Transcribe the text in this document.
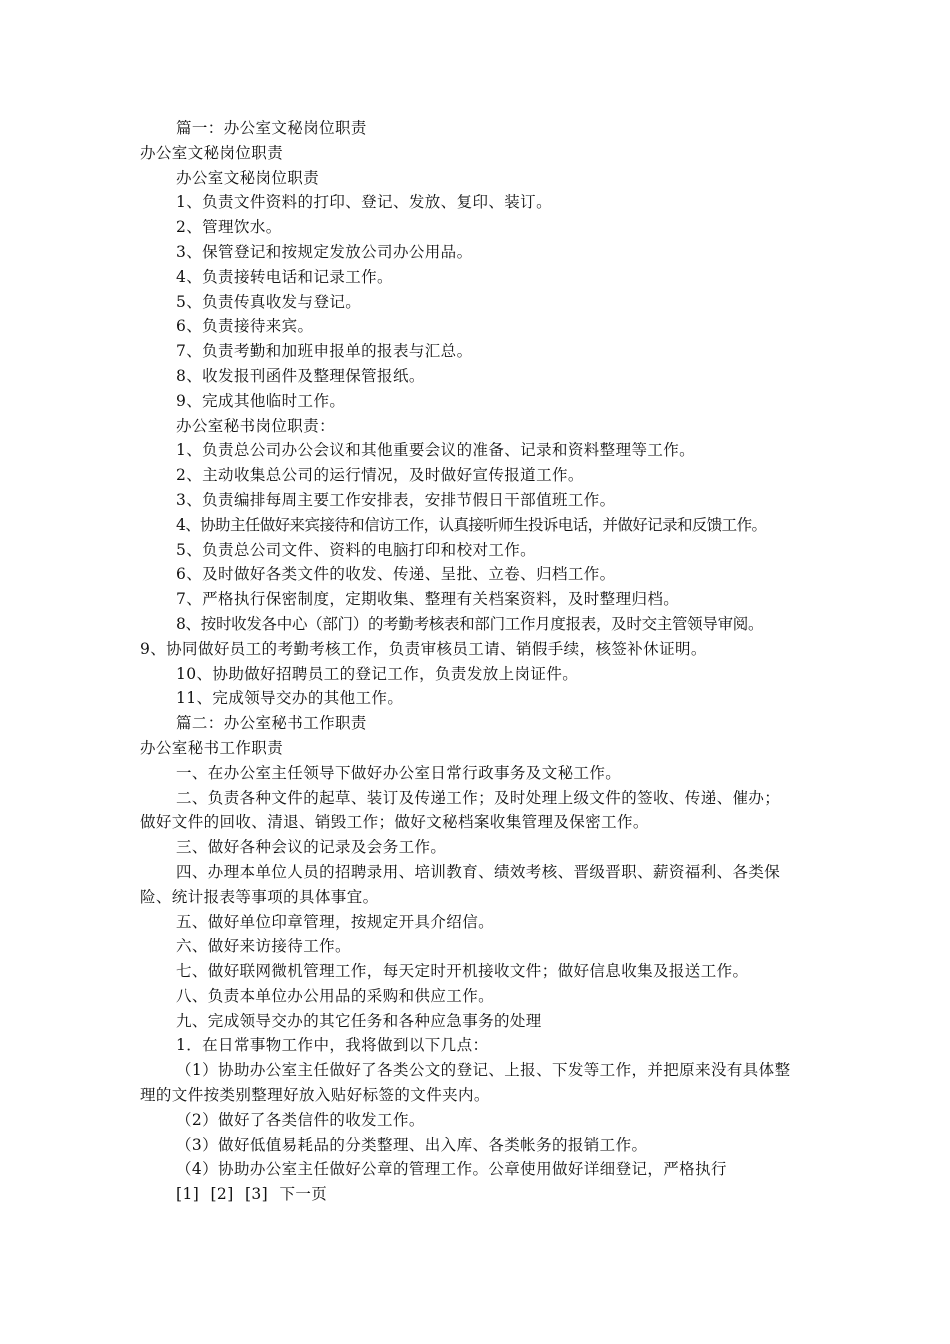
篇一：办公室文秘岗位职责
办公室文秘岗位职责
办公室文秘岗位职责
1、负责文件资料的打印、登记、发放、复印、装订。
2、管理饮水。
3、保管登记和按规定发放公司办公用品。
4、负责接转电话和记录工作。
5、负责传真收发与登记。
6、负责接待来宾。
7、负责考勤和加班申报单的报表与汇总。
8、收发报刊函件及整理保管报纸。
9、完成其他临时工作。
办公室秘书岗位职责：
1、负责总公司办公会议和其他重要会议的准备、记录和资料整理等工作。
2、主动收集总公司的运行情况，及时做好宣传报道工作。
3、负责编排每周主要工作安排表，安排节假日干部值班工作。
4、协助主任做好来宾接待和信访工作，认真接听师生投诉电话，并做好记录和反馈工作。
5、负责总公司文件、资料的电脑打印和校对工作。
6、及时做好各类文件的收发、传递、呈批、立卷、归档工作。
7、严格执行保密制度，定期收集、整理有关档案资料，及时整理归档。
8、按时收发各中心（部门）的考勤考核表和部门工作月度报表，及时交主管领导审阅。
9、协同做好员工的考勤考核工作，负责审核员工请、销假手续，核签补休证明。
10、协助做好招聘员工的登记工作，负责发放上岗证件。
11、完成领导交办的其他工作。
篇二：办公室秘书工作职责
办公室秘书工作职责
一、在办公室主任领导下做好办公室日常行政事务及文秘工作。
二、负责各种文件的起草、装订及传递工作；及时处理上级文件的签收、传递、催办；
做好文件的回收、清退、销毁工作；做好文秘档案收集管理及保密工作。
三、做好各种会议的记录及会务工作。
四、办理本单位人员的招聘录用、培训教育、绩效考核、晋级晋职、薪资福利、各类保
险、统计报表等事项的具体事宜。
五、做好单位印章管理，按规定开具介绍信。
六、做好来访接待工作。
七、做好联网微机管理工作，每天定时开机接收文件；做好信息收集及报送工作。
八、负责本单位办公用品的采购和供应工作。
九、完成领导交办的其它任务和各种应急事务的处理
1．在日常事物工作中，我将做到以下几点：
（1）协助办公室主任做好了各类公文的登记、上报、下发等工作，并把原来没有具体整
理的文件按类别整理好放入贴好标签的文件夹内。
（2）做好了各类信件的收发工作。
（3）做好低值易耗品的分类整理、出入库、各类帐务的报销工作。
（4）协助办公室主任做好公章的管理工作。公章使用做好详细登记，严格执行
[1] [2] [3] 下一页
